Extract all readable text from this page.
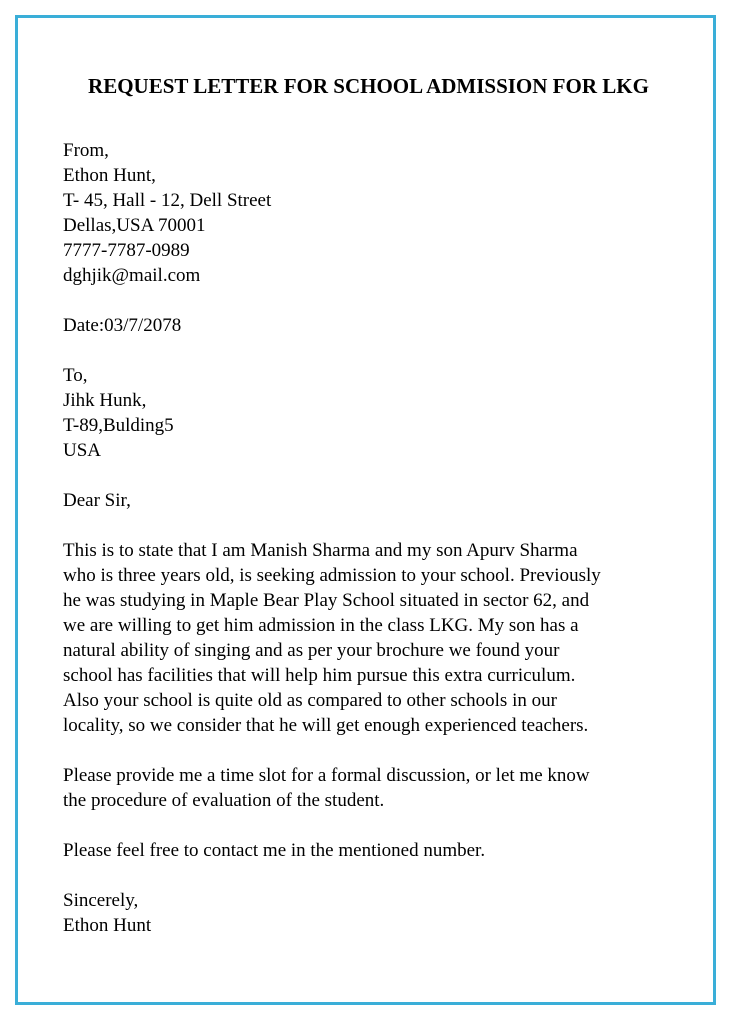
REQUEST LETTER FOR SCHOOL ADMISSION FOR LKG
From,
Ethon Hunt,
T- 45, Hall - 12, Dell Street
Dellas,USA 70001
7777-7787-0989
dghjik@mail.com
Date:03/7/2078
To,
Jihk Hunk,
T-89,Bulding5
USA
Dear Sir,
This is to state that I am Manish Sharma and my son Apurv Sharma
who is three years old, is seeking admission to your school. Previously
he was studying in Maple Bear Play School situated in sector 62, and
we are willing to get him admission in the class LKG. My son has a
natural ability of singing and as per your brochure we found your
school has facilities that will help him pursue this extra curriculum.
Also your school is quite old as compared to other schools in our
locality, so we consider that he will get enough experienced teachers.
Please provide me a time slot for a formal discussion, or let me know
the procedure of evaluation of the student.
Please feel free to contact me in the mentioned number.
Sincerely,
Ethon Hunt
